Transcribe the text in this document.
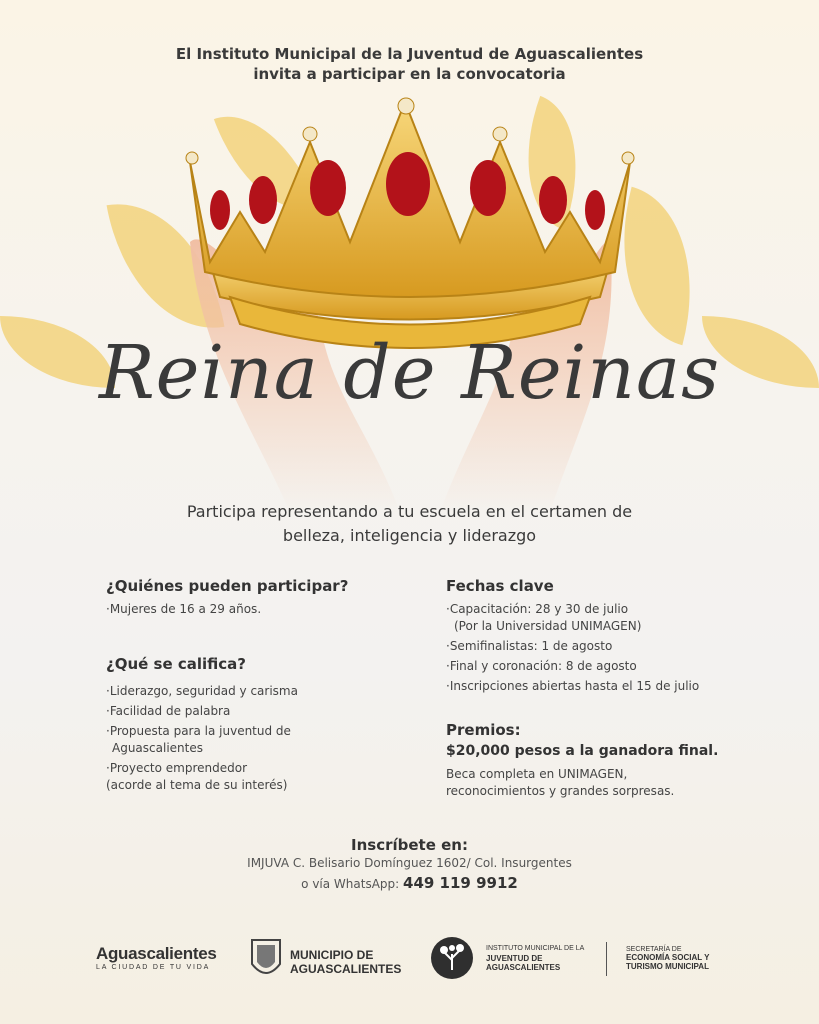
El Instituto Municipal de la Juventud de Aguascalientes
invita a participar en la convocatoria
Reina de Reinas
Participa representando a tu escuela en el certamen de
belleza, inteligencia y liderazgo
¿Quiénes pueden participar?
·Mujeres de 16 a 29 años.
¿Qué se califica?
·Liderazgo, seguridad y carisma
·Facilidad de palabra
·Propuesta para la juventud de
Aguascalientes
·Proyecto emprendedor
(acorde al tema de su interés)
Fechas clave
·Capacitación: 28 y 30 de julio
(Por la Universidad UNIMAGEN)
·Semifinalistas: 1 de agosto
·Final y coronación: 8 de agosto
·Inscripciones abiertas hasta el 15 de julio
Premios:
$20,000 pesos a la ganadora final.
Beca completa en UNIMAGEN,
reconocimientos y grandes sorpresas.
Inscríbete en:
IMJUVA C. Belisario Domínguez 1602/ Col. Insurgentes
o vía WhatsApp: 449 119 9912
Aguascalientes
LA CIUDAD DE TU VIDA
MUNICIPIO DE
AGUASCALIENTES
INSTITUTO MUNICIPAL DE LA
JUVENTUD DE
AGUASCALIENTES
SECRETARÍA DE
ECONOMÍA SOCIAL Y
TURISMO MUNICIPAL
